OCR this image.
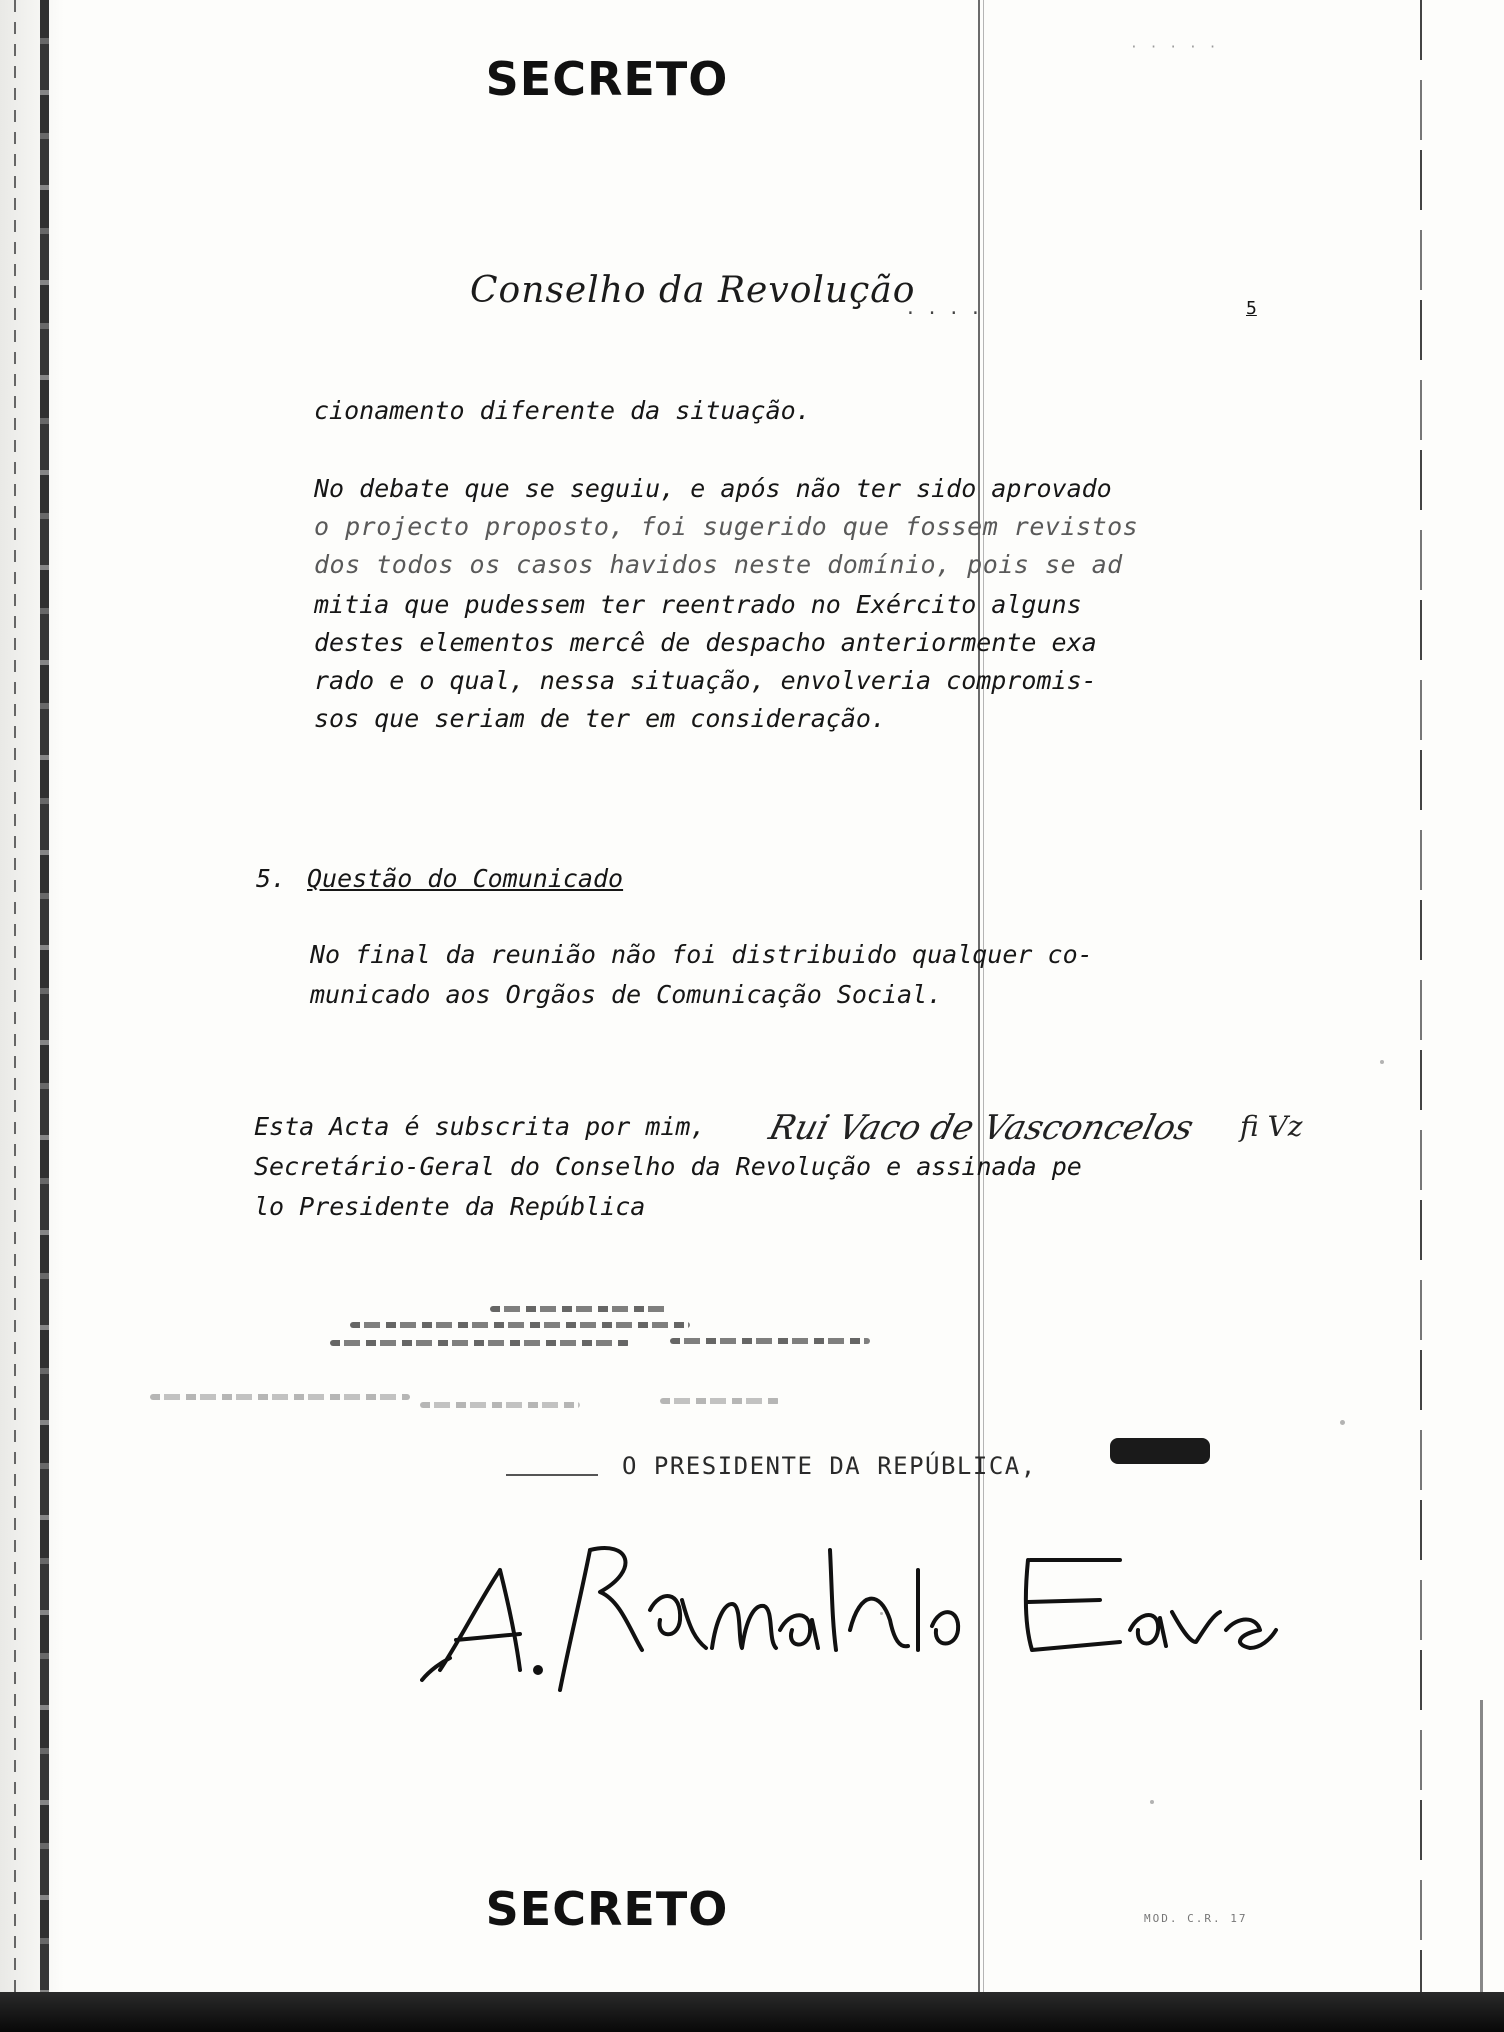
· · · · ·
SECRETO
Conselho da Revolução
. . . .	5

cionamento diferente da situação.

No debate que se seguiu, e após não ter sido aprovado

o projecto proposto, foi sugerido que fossem revistos

dos todos os casos havidos neste domínio, pois se ad

mitia que pudessem ter reentrado no Exército alguns

destes elementos mercê de despacho anteriormente exa

rado e o qual, nessa situação, envolveria compromis-

sos que seriam de ter em consideração.

5. Questão do Comunicado

No final da reunião não foi distribuido qualquer co-

municado aos Orgãos de Comunicação Social.

Esta Acta é subscrita por mim, Rui Vaco de Vasconcelos fi Vz

Secretário-Geral do Conselho da Revolução e assinada pe

lo Presidente da República

O PRESIDENTE DA REPÚBLICA,
SECRETO	MOD. C.R. 17
